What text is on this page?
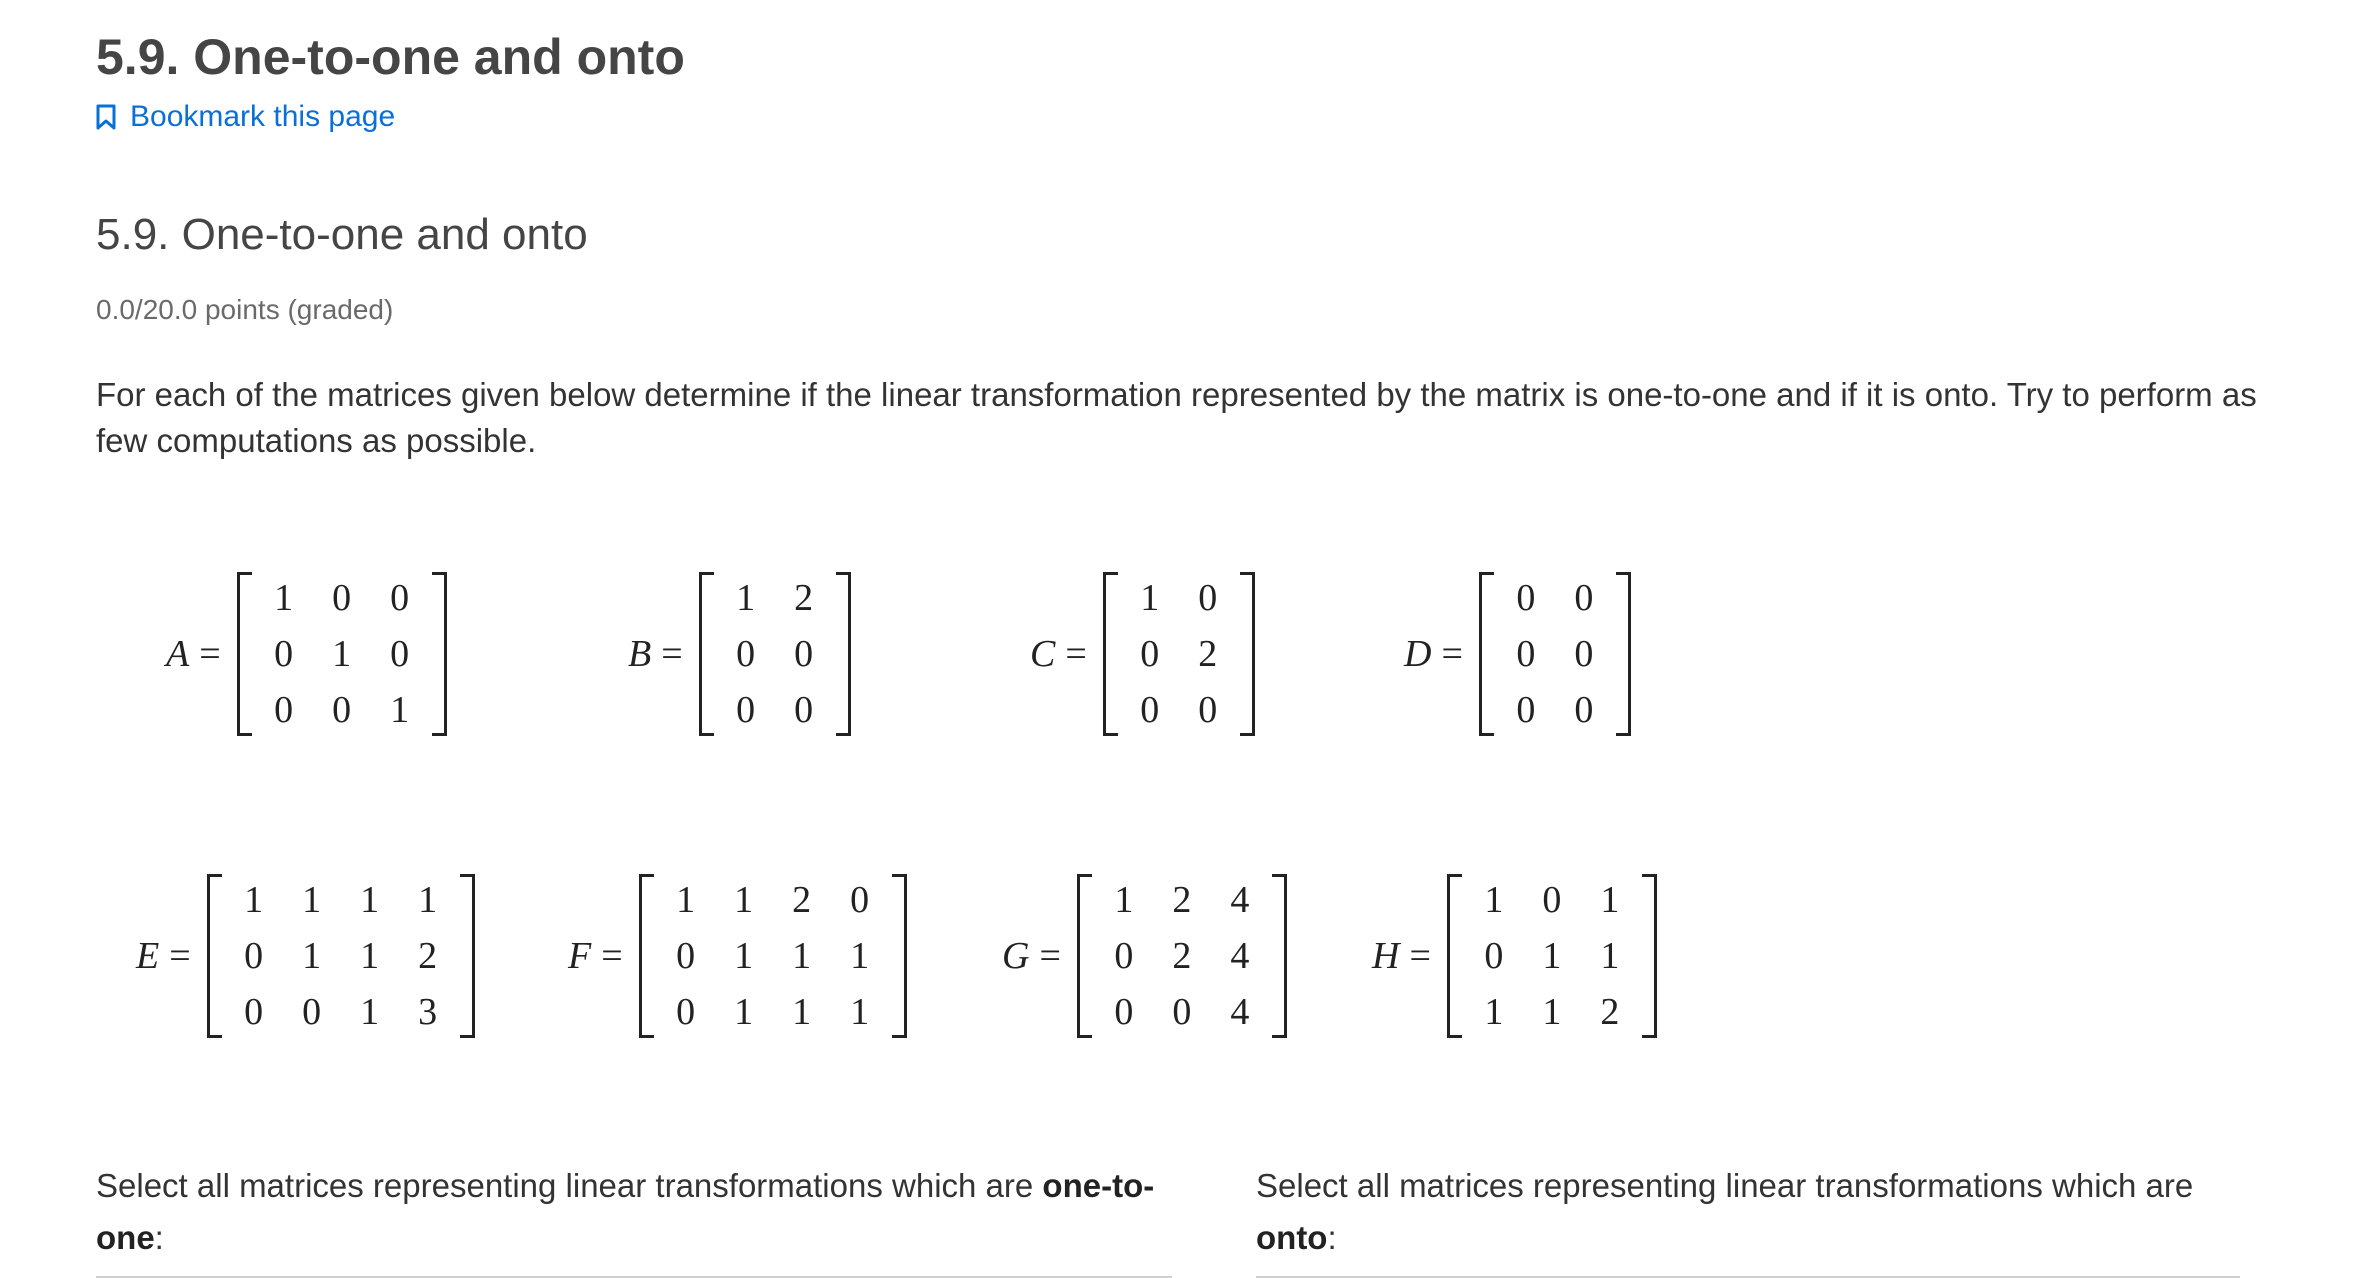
5.9. One-to-one and onto
Bookmark this page
5.9. One-to-one and onto
0.0/20.0 points (graded)

For each of the matrices given below determine if the linear transformation represented by the matrix is one-to-one and if it is onto. Try to perform as few computations as possible.

A =
1	0	0
0	1	0
0	0	1
B =
1	2
0	0
0	0
C =
1	0
0	2
0	0
D =
0	0
0	0
0	0
E =
1	1	1	1
0	1	1	2
0	0	1	3
F =
1	1	2	0
0	1	1	1
0	1	1	1
G =
1	2	4
0	2	4
0	0	4
H =
1	0	1
0	1	1
1	1	2

Select all matrices representing linear transformations which are one-to-one:

Select all matrices representing linear transformations which are onto:
